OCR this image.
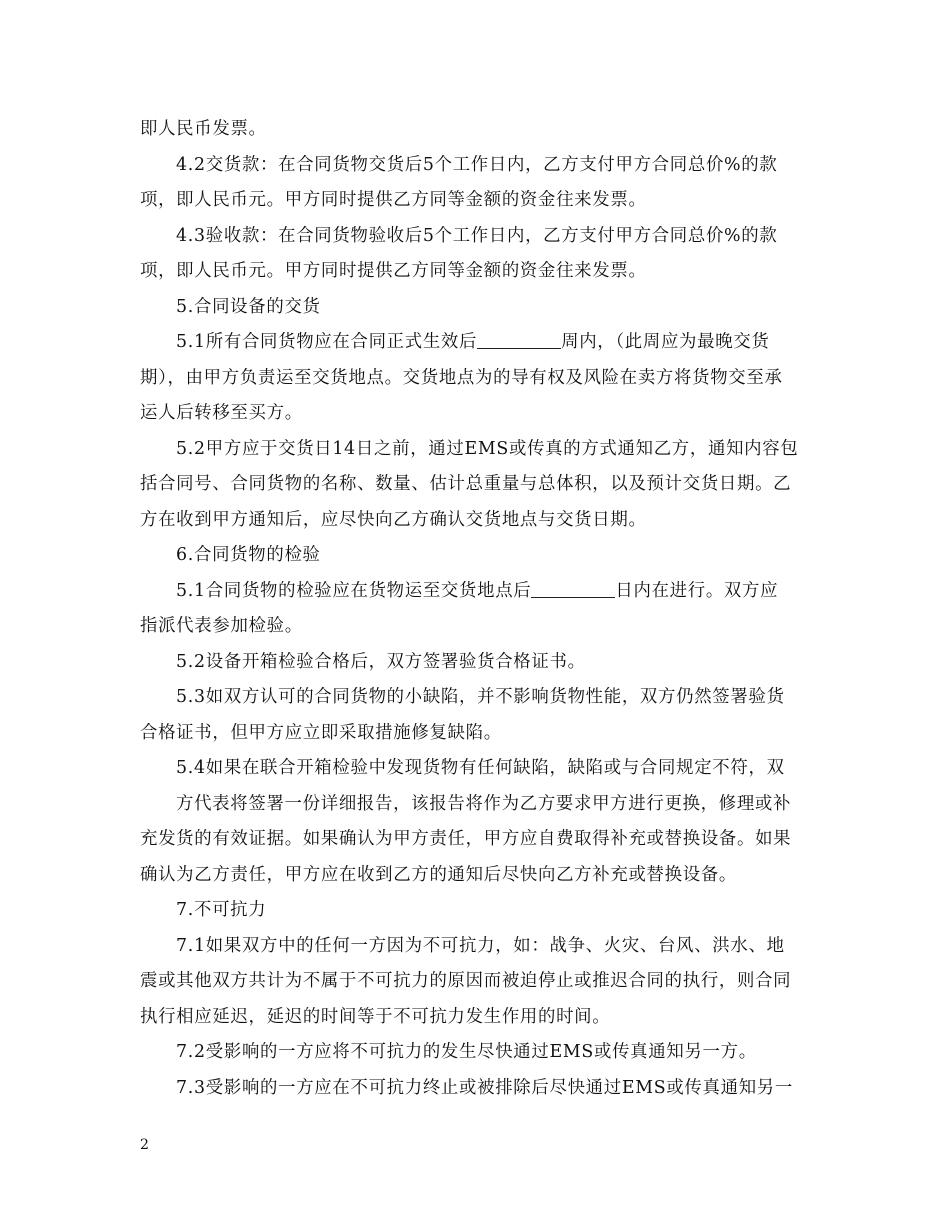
即人民币发票。
4.2交货款：在合同货物交货后5个工作日内，乙方支付甲方合同总价%的款
项，即人民币元。甲方同时提供乙方同等金额的资金往来发票。
4.3验收款：在合同货物验收后5个工作日内，乙方支付甲方合同总价%的款
项，即人民币元。甲方同时提供乙方同等金额的资金往来发票。
5.合同设备的交货
5.1所有合同货物应在合同正式生效后	周内，（此周应为最晚交货
期），由甲方负责运至交货地点。交货地点为的导有权及风险在卖方将货物交至承
运人后转移至买方。
5.2甲方应于交货日14日之前，通过EMS或传真的方式通知乙方，通知内容包
括合同号、合同货物的名称、数量、估计总重量与总体积，以及预计交货日期。乙
方在收到甲方通知后，应尽快向乙方确认交货地点与交货日期。
6.合同货物的检验
5.1合同货物的检验应在货物运至交货地点后	日内在进行。双方应
指派代表参加检验。
5.2设备开箱检验合格后，双方签署验货合格证书。
5.3如双方认可的合同货物的小缺陷，并不影响货物性能，双方仍然签署验货
合格证书，但甲方应立即采取措施修复缺陷。
5.4如果在联合开箱检验中发现货物有任何缺陷，缺陷或与合同规定不符，双
方代表将签署一份详细报告，该报告将作为乙方要求甲方进行更换，修理或补
充发货的有效证据。如果确认为甲方责任，甲方应自费取得补充或替换设备。如果
确认为乙方责任，甲方应在收到乙方的通知后尽快向乙方补充或替换设备。
7.不可抗力
7.1如果双方中的任何一方因为不可抗力，如：战争、火灾、台风、洪水、地
震或其他双方共计为不属于不可抗力的原因而被迫停止或推迟合同的执行，则合同
执行相应延迟，延迟的时间等于不可抗力发生作用的时间。
7.2受影响的一方应将不可抗力的发生尽快通过EMS或传真通知另一方。
7.3受影响的一方应在不可抗力终止或被排除后尽快通过EMS或传真通知另一
2
